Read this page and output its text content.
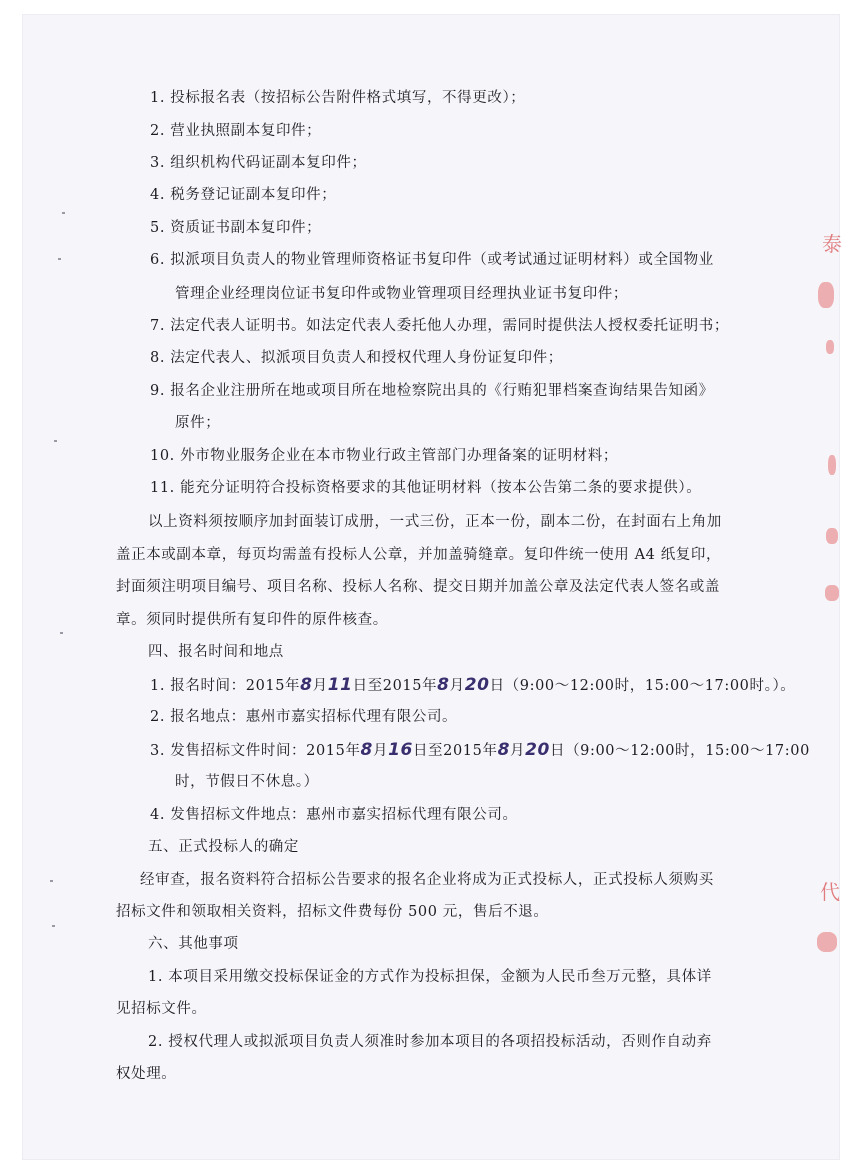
1. 投标报名表（按招标公告附件格式填写，不得更改）；
2. 营业执照副本复印件；
3. 组织机构代码证副本复印件；
4. 税务登记证副本复印件；
5. 资质证书副本复印件；
6. 拟派项目负责人的物业管理师资格证书复印件（或考试通过证明材料）或全国物业
管理企业经理岗位证书复印件或物业管理项目经理执业证书复印件；
7. 法定代表人证明书。如法定代表人委托他人办理，需同时提供法人授权委托证明书；
8. 法定代表人、拟派项目负责人和授权代理人身份证复印件；
9. 报名企业注册所在地或项目所在地检察院出具的《行贿犯罪档案查询结果告知函》
原件；
10. 外市物业服务企业在本市物业行政主管部门办理备案的证明材料；
11. 能充分证明符合投标资格要求的其他证明材料（按本公告第二条的要求提供）。
以上资料须按顺序加封面装订成册，一式三份，正本一份，副本二份，在封面右上角加
盖正本或副本章，每页均需盖有投标人公章，并加盖骑缝章。复印件统一使用 A4 纸复印，
封面须注明项目编号、项目名称、投标人名称、提交日期并加盖公章及法定代表人签名或盖
章。须同时提供所有复印件的原件核查。
四、报名时间和地点
1. 报名时间：2015年8月11日至2015年8月20日（9:00～12:00时，15:00～17:00时。）。
2. 报名地点：惠州市嘉实招标代理有限公司。
3. 发售招标文件时间：2015年8月16日至2015年8月20日（9:00～12:00时，15:00～17:00
时，节假日不休息。）
4. 发售招标文件地点：惠州市嘉实招标代理有限公司。
五、正式投标人的确定
经审查，报名资料符合招标公告要求的报名企业将成为正式投标人，正式投标人须购买
招标文件和领取相关资料，招标文件费每份 500 元，售后不退。
六、其他事项
1. 本项目采用缴交投标保证金的方式作为投标担保，金额为人民币叁万元整，具体详
见招标文件。
2. 授权代理人或拟派项目负责人须准时参加本项目的各项招投标活动，否则作自动弃
权处理。
泰
代
